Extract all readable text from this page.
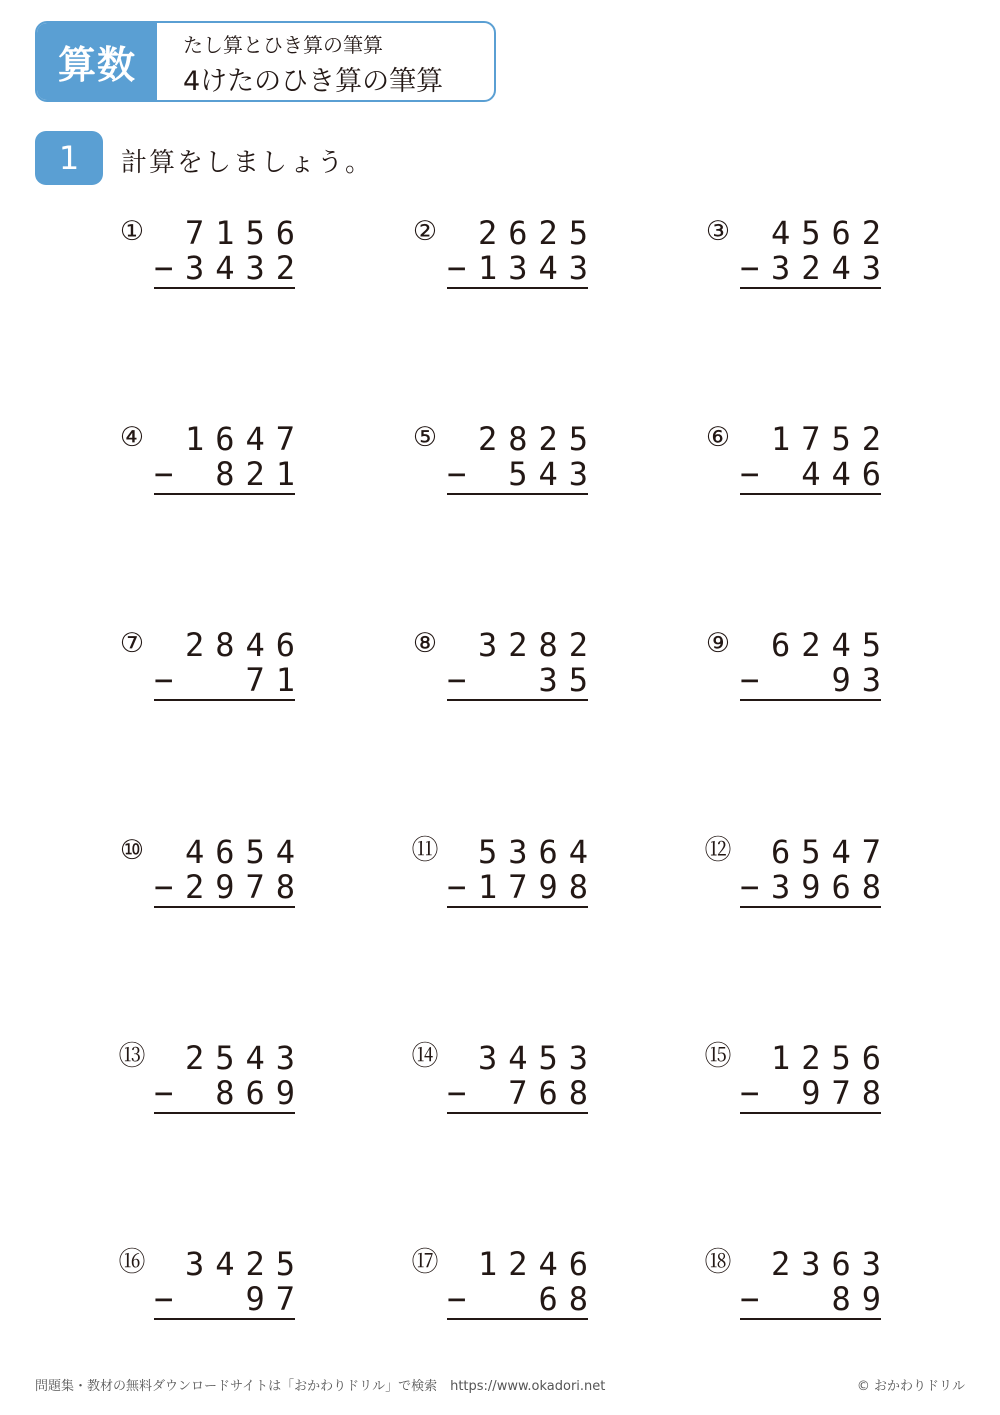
算数	たし算とひき算の筆算
4けたのひき算の筆算
1	計算をしましょう。
① 7156
− 3432
② 2625
− 1343
③ 4562
− 3243
④ 1647
− 821
⑤ 2825
− 543
⑥ 1752
− 446
⑦ 2846
− 71
⑧ 3282
− 35
⑨ 6245
− 93
⑩ 4654
− 2978
⑪ 5364
− 1798
⑫ 6547
− 3968
⑬ 2543
− 869
⑭ 3453
− 768
⑮ 1256
− 978
⑯ 3425
− 97
⑰ 1246
− 68
⑱ 2363
− 89
問題集・教材の無料ダウンロードサイトは「おかわりドリル」で検索　https://www.okadori.net	© おかわりドリル
